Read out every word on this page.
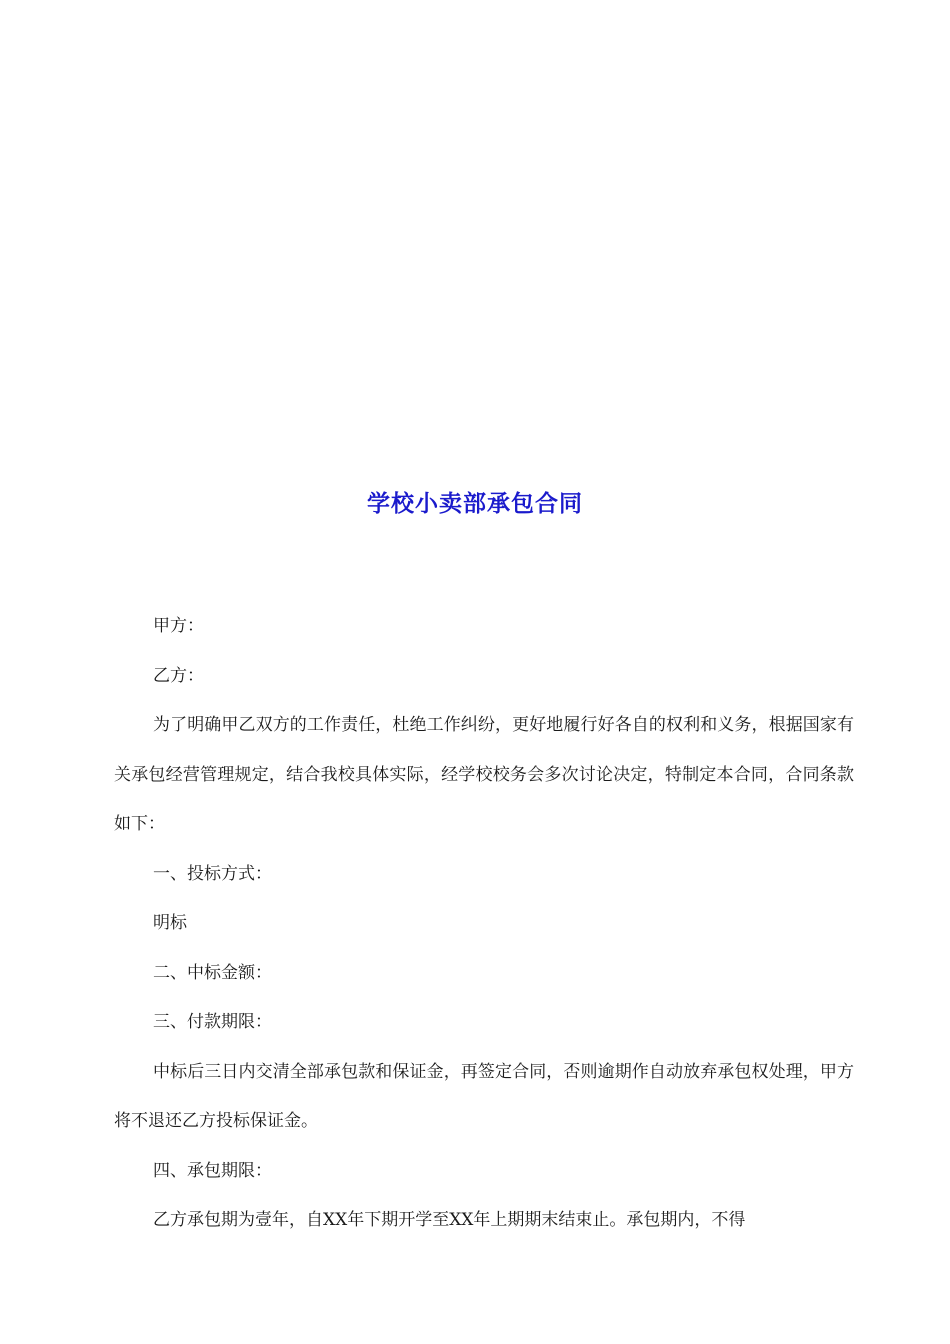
学校小卖部承包合同

甲方：

乙方：

为了明确甲乙双方的工作责任，杜绝工作纠纷，更好地履行好各自的权利和义务，根据国家有关承包经营管理规定，结合我校具体实际，经学校校务会多次讨论决定，特制定本合同，合同条款如下：

一、投标方式：

明标

二、中标金额：

三、付款期限：

中标后三日内交清全部承包款和保证金，再签定合同，否则逾期作自动放弃承包权处理，甲方将不退还乙方投标保证金。

四、承包期限：

乙方承包期为壹年，自XX年下期开学至XX年上期期末结束止。承包期内，不得
